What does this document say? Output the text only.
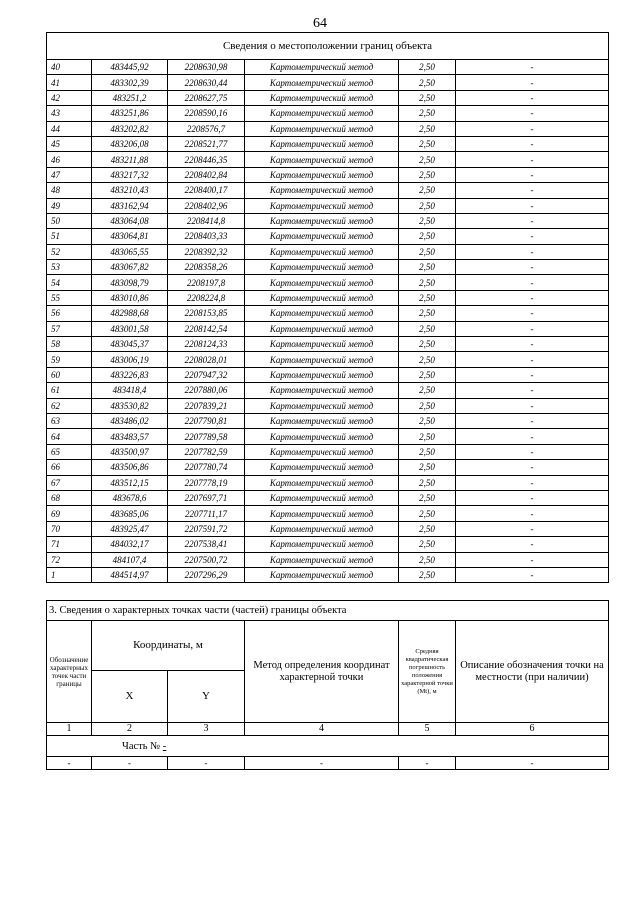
64
Сведения о местоположении границ объекта					
40	483445,92	2208630,98	Картометрический метод	2,50	-
41	483302,39	2208630,44	Картометрический метод	2,50	-
42	483251,2	2208627,75	Картометрический метод	2,50	-
43	483251,86	2208590,16	Картометрический метод	2,50	-
44	483202,82	2208576,7	Картометрический метод	2,50	-
45	483206,08	2208521,77	Картометрический метод	2,50	-
46	483211,88	2208446,35	Картометрический метод	2,50	-
47	483217,32	2208402,84	Картометрический метод	2,50	-
48	483210,43	2208400,17	Картометрический метод	2,50	-
49	483162,94	2208402,96	Картометрический метод	2,50	-
50	483064,08	2208414,8	Картометрический метод	2,50	-
51	483064,81	2208403,33	Картометрический метод	2,50	-
52	483065,55	2208392,32	Картометрический метод	2,50	-
53	483067,82	2208358,26	Картометрический метод	2,50	-
54	483098,79	2208197,8	Картометрический метод	2,50	-
55	483010,86	2208224,8	Картометрический метод	2,50	-
56	482988,68	2208153,85	Картометрический метод	2,50	-
57	483001,58	2208142,54	Картометрический метод	2,50	-
58	483045,37	2208124,33	Картометрический метод	2,50	-
59	483006,19	2208028,01	Картометрический метод	2,50	-
60	483226,83	2207947,32	Картометрический метод	2,50	-
61	483418,4	2207880,06	Картометрический метод	2,50	-
62	483530,82	2207839,21	Картометрический метод	2,50	-
63	483486,02	2207790,81	Картометрический метод	2,50	-
64	483483,57	2207789,58	Картометрический метод	2,50	-
65	483500,97	2207782,59	Картометрический метод	2,50	-
66	483506,86	2207780,74	Картометрический метод	2,50	-
67	483512,15	2207778,19	Картометрический метод	2,50	-
68	483678,6	2207697,71	Картометрический метод	2,50	-
69	483685,06	2207711,17	Картометрический метод	2,50	-
70	483925,47	2207591,72	Картометрический метод	2,50	-
71	484032,17	2207538,41	Картометрический метод	2,50	-
72	484107,4	2207500,72	Картометрический метод	2,50	-
1	484514,97	2207296,29	Картометрический метод	2,50	-
3. Сведения о характерных точках части (частей) границы объекта					
Обозначение характерных точек части границы	Координаты, м		Метод определения координат характерной точки	Средняя квадратическая погрешность положения характерной точки (Mt), м	Описание обозначения точки на местности (при наличии)
	X	Y			
1	2	3	4	5	6
Часть № -					
-	-	-	-	-	-
